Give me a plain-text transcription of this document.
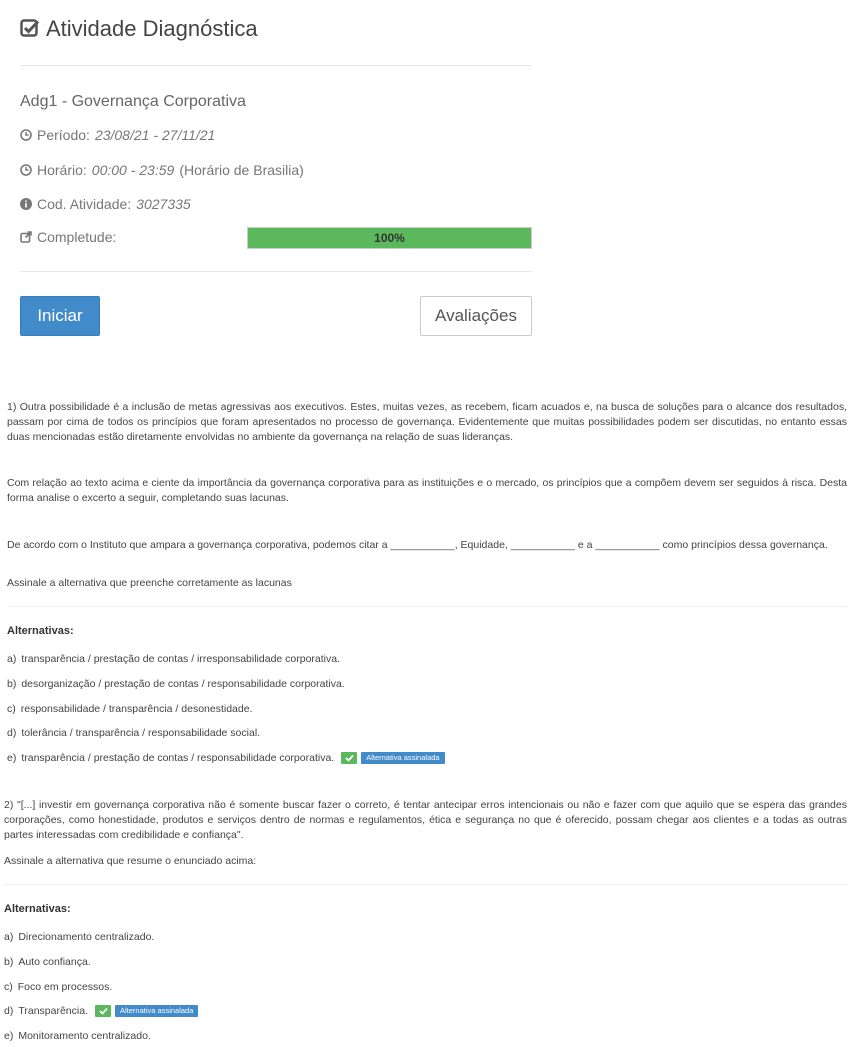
Atividade Diagnóstica
Adg1 - Governança Corporativa
Período: 23/08/21 - 27/11/21
Horário: 00:00 - 23:59 (Horário de Brasilia)
Cod. Atividade: 3027335
Completude:	100%
Iniciar	Avaliações
1) Outra possibilidade é a inclusão de metas agressivas aos executivos. Estes, muitas vezes, as recebem, ficam acuados e, na busca de soluções para o alcance dos resultados, passam por cima de todos os princípios que foram apresentados no processo de governança. Evidentemente que muitas possibilidades podem ser discutidas, no entanto essas duas mencionadas estão diretamente envolvidas no ambiente da governança na relação de suas lideranças.
Com relação ao texto acima e ciente da importância da governança corporativa para as instituições e o mercado, os princípios que a compõem devem ser seguidos à risca. Desta forma analise o excerto a seguir, completando suas lacunas.
De acordo com o Instituto que ampara a governança corporativa, podemos citar a ___________, Equidade, ___________ e a ___________ como princípios dessa governança.
Assinale a alternativa que preenche corretamente as lacunas
Alternativas:
a) transparência / prestação de contas / irresponsabilidade corporativa.
b) desorganização / prestação de contas / responsabilidade corporativa.
c) responsabilidade / transparência / desonestidade.
d) tolerância / transparência / responsabilidade social.
e) transparência / prestação de contas / responsabilidade corporativa.	Alternativa assinalada
2) "[...] investir em governança corporativa não é somente buscar fazer o correto, é tentar antecipar erros intencionais ou não e fazer com que aquilo que se espera das grandes corporações, como honestidade, produtos e serviços dentro de normas e regulamentos, ética e segurança no que é oferecido, possam chegar aos clientes e a todas as outras partes interessadas com credibilidade e confiança".
Assinale a alternativa que resume o enunciado acima:
Alternativas:
a) Direcionamento centralizado.
b) Auto confiança.
c) Foco em processos.
d) Transparência.	Alternativa assinalada
e) Monitoramento centralizado.
